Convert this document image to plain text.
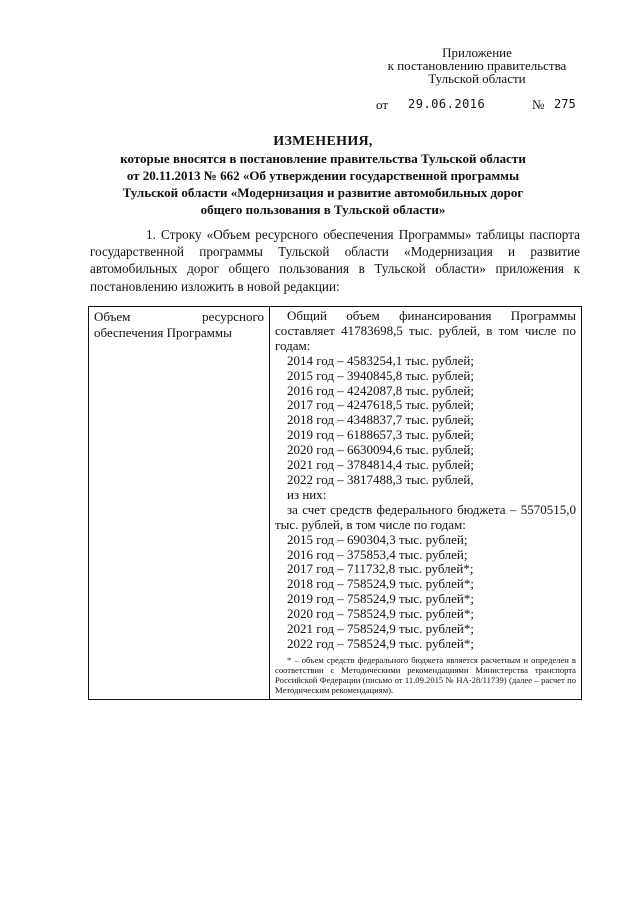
Приложение
к постановлению правительства
Тульской области
от 29.06.2016	№ 275
ИЗМЕНЕНИЯ,
которые вносятся в постановление правительства Тульской области
от 20.11.2013 № 662 «Об утверждении государственной программы
Тульской области «Модернизация и развитие автомобильных дорог
общего пользования в Тульской области»

1. Строку «Объем ресурсного обеспечения Программы» таблицы паспорта государственной программы Тульской области «Модернизация и развитие автомобильных дорог общего пользования в Тульской области» приложения к постановлению изложить в новой редакции:

Объем	ресурсного
обеспечения Программы

Общий объем финансирования Программы составляет 41783698,5 тыс. рублей, в том числе по годам:

2014 год – 4583254,1 тыс. рублей;
2015 год – 3940845,8 тыс. рублей;
2016 год – 4242087,8 тыс. рублей;
2017 год – 4247618,5 тыс. рублей;
2018 год – 4348837,7 тыс. рублей;
2019 год – 6188657,3 тыс. рублей;
2020 год – 6630094,6 тыс. рублей;
2021 год – 3784814,4 тыс. рублей;
2022 год – 3817488,3 тыс. рублей,
из них:

за счет средств федерального бюджета – 5570515,0 тыс. рублей, в том числе по годам:

2015 год – 690304,3 тыс. рублей;
2016 год – 375853,4 тыс. рублей;
2017 год – 711732,8 тыс. рублей*;
2018 год – 758524,9 тыс. рублей*;
2019 год – 758524,9 тыс. рублей*;
2020 год – 758524,9 тыс. рублей*;
2021 год – 758524,9 тыс. рублей*;
2022 год – 758524,9 тыс. рублей*;
* – объем средств федерального бюджета является расчетным и определен в соответствии с Методическими рекомендациями Министерства транспорта Российской Федерации (письмо от 11.09.2015 № НА-28/11739) (далее – расчет по Методическим рекомендациям).
